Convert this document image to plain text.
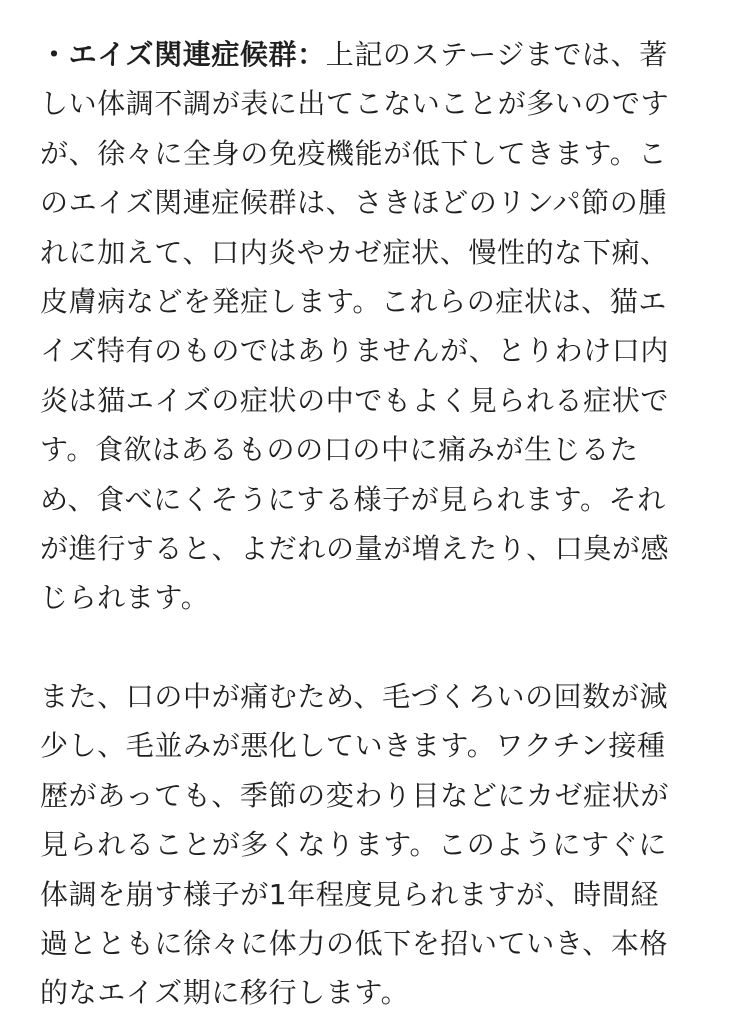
・エイズ関連症候群：上記のステージまでは、著
しい体調不調が表に出てこないことが多いのです
が、徐々に全身の免疫機能が低下してきます。こ
のエイズ関連症候群は、さきほどのリンパ節の腫
れに加えて、口内炎やカゼ症状、慢性的な下痢、
皮膚病などを発症します。これらの症状は、猫エ
イズ特有のものではありませんが、とりわけ口内
炎は猫エイズの症状の中でもよく見られる症状で
す。食欲はあるものの口の中に痛みが生じるた
め、食べにくそうにする様子が見られます。それ
が進行すると、よだれの量が増えたり、口臭が感
じられます。

また、口の中が痛むため、毛づくろいの回数が減
少し、毛並みが悪化していきます。ワクチン接種
歴があっても、季節の変わり目などにカゼ症状が
見られることが多くなります。このようにすぐに
体調を崩す様子が1年程度見られますが、時間経
過とともに徐々に体力の低下を招いていき、本格
的なエイズ期に移行します。
